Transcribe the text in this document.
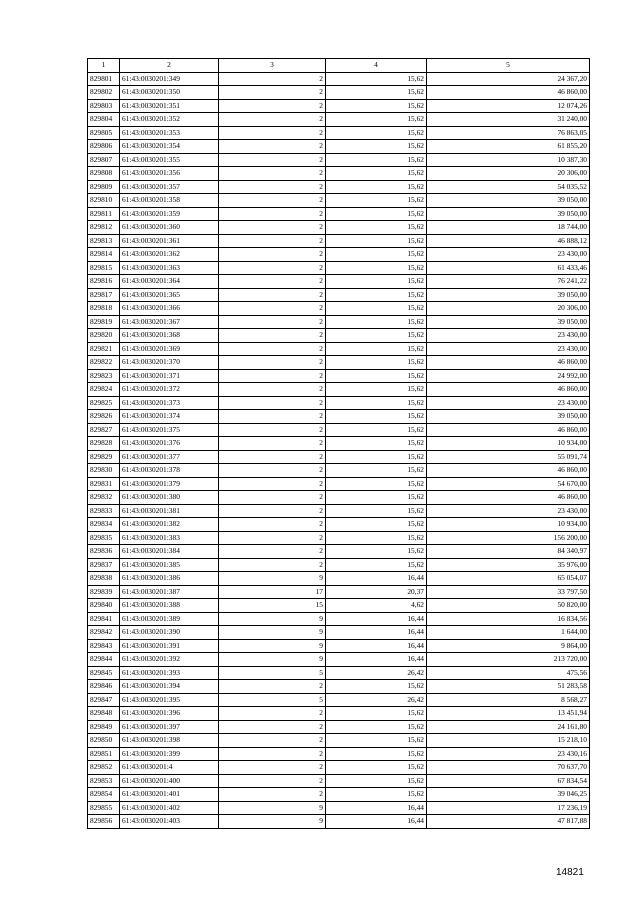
1	2	3	4	5
829801	61:43:0030201:349	2	15,62	24 367,20
829802	61:43:0030201:350	2	15,62	46 860,00
829803	61:43:0030201:351	2	15,62	12 074,26
829804	61:43:0030201:352	2	15,62	31 240,00
829805	61:43:0030201:353	2	15,62	76 863,05
829806	61:43:0030201:354	2	15,62	61 855,20
829807	61:43:0030201:355	2	15,62	10 387,30
829808	61:43:0030201:356	2	15,62	20 306,00
829809	61:43:0030201:357	2	15,62	54 035,52
829810	61:43:0030201:358	2	15,62	39 050,00
829811	61:43:0030201:359	2	15,62	39 050,00
829812	61:43:0030201:360	2	15,62	18 744,00
829813	61:43:0030201:361	2	15,62	46 888,12
829814	61:43:0030201:362	2	15,62	23 430,00
829815	61:43:0030201:363	2	15,62	61 433,46
829816	61:43:0030201:364	2	15,62	76 241,22
829817	61:43:0030201:365	2	15,62	39 050,00
829818	61:43:0030201:366	2	15,62	20 306,00
829819	61:43:0030201:367	2	15,62	39 050,00
829820	61:43:0030201:368	2	15,62	23 430,00
829821	61:43:0030201:369	2	15,62	23 430,00
829822	61:43:0030201:370	2	15,62	46 860,00
829823	61:43:0030201:371	2	15,62	24 992,00
829824	61:43:0030201:372	2	15,62	46 860,00
829825	61:43:0030201:373	2	15,62	23 430,00
829826	61:43:0030201:374	2	15,62	39 050,00
829827	61:43:0030201:375	2	15,62	46 860,00
829828	61:43:0030201:376	2	15,62	10 934,00
829829	61:43:0030201:377	2	15,62	55 091,74
829830	61:43:0030201:378	2	15,62	46 860,00
829831	61:43:0030201:379	2	15,62	54 670,00
829832	61:43:0030201:380	2	15,62	46 860,00
829833	61:43:0030201:381	2	15,62	23 430,00
829834	61:43:0030201:382	2	15,62	10 934,00
829835	61:43:0030201:383	2	15,62	156 200,00
829836	61:43:0030201:384	2	15,62	84 340,97
829837	61:43:0030201:385	2	15,62	35 976,00
829838	61:43:0030201:386	9	16,44	65 054,07
829839	61:43:0030201:387	17	20,37	33 797,50
829840	61:43:0030201:388	15	4,62	50 820,00
829841	61:43:0030201:389	9	16,44	16 834,56
829842	61:43:0030201:390	9	16,44	1 644,00
829843	61:43:0030201:391	9	16,44	9 864,00
829844	61:43:0030201:392	9	16,44	213 720,00
829845	61:43:0030201:393	5	26,42	475,56
829846	61:43:0030201:394	2	15,62	51 283,58
829847	61:43:0030201:395	5	26,42	8 568,27
829848	61:43:0030201:396	2	15,62	13 451,94
829849	61:43:0030201:397	2	15,62	24 161,80
829850	61:43:0030201:398	2	15,62	15 218,10
829851	61:43:0030201:399	2	15,62	23 430,16
829852	61:43:0030201:4	2	15,62	70 637,70
829853	61:43:0030201:400	2	15,62	67 834,54
829854	61:43:0030201:401	2	15,62	39 046,25
829855	61:43:0030201:402	9	16,44	17 236,19
829856	61:43:0030201:403	9	16,44	47 817,88
14821
